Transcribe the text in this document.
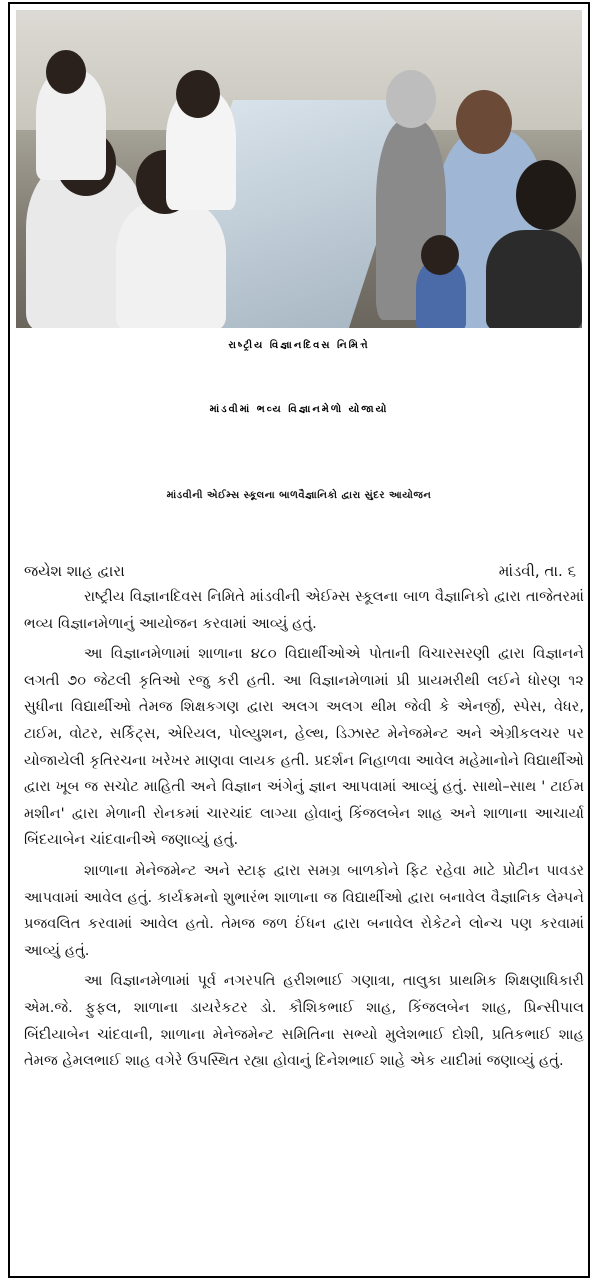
રાષ્ટ્રીય વિજ્ઞાનદિવસ નિમિત્તે
માંડવીમાં ભવ્ય વિજ્ઞાનમેળો યોજાયો
માંડવીની એઈમ્સ સ્કૂલના બાળવૈજ્ઞાનિકો દ્વારા સુંદર આયોજન
જયેશ શાહ દ્વારા	માંડવી, તા. ૬

રાષ્ટ્રીય વિજ્ઞાનદિવસ નિમિતે માંડવીની એઈમ્સ સ્કૂલના બાળ વૈજ્ઞાનિકો દ્વારા તાજેતરમાં ભવ્ય વિજ્ઞાનમેળાનું આયોજન કરવામાં આવ્યું હતું.

આ વિજ્ઞાનમેળામાં શાળાના ૪૮૦ વિદ્યાર્થીઓએ પોતાની વિચારસરણી દ્વારા વિજ્ઞાનને લગતી ૭૦ જેટલી કૃતિઓ રજુ કરી હતી. આ વિજ્ઞાનમેળામાં પ્રી પ્રાયમરીથી લઈને ધોરણ ૧૨ સુધીના વિદ્યાર્થીઓ તેમજ શિક્ષકગણ દ્વારા અલગ અલગ થીમ જેવી કે એનર્જી, સ્પેસ, વેધર, ટાઈમ, વોટર, સર્કિટ્સ, એરિયલ, પોલ્યુશન, હેલ્થ, ડિઝાસ્ટ મેનેજમેન્ટ અને એગ્રીકલચર પર યોજાયેલી કૃતિરચના ખરેખર માણવા લાયક હતી. પ્રદર્શન નિહાળવા આવેલ મહેમાનોને વિદ્યાર્થીઓ દ્વારા ખૂબ જ સચોટ માહિતી અને વિજ્ઞાન અંગેનું જ્ઞાન આપવામાં આવ્યું હતું. સાથો–સાથ ' ટાઈમ મશીન' દ્વારા મેળાની રોનકમાં ચારચાંદ લાગ્યા હોવાનું કિંજલબેન શાહ અને શાળાના આચાર્યા બિંદયાબેન ચાંદવાનીએ જણાવ્યું હતું.

શાળાના મેનેજમેન્ટ અને સ્ટાફ દ્વારા સમગ્ર બાળકોને ફિટ રહેવા માટે પ્રોટીન પાવડર આપવામાં આવેલ હતું. કાર્યક્રમનો શુભારંભ શાળાના જ વિદ્યાર્થીઓ દ્વારા બનાવેલ વૈજ્ઞાનિક લેમ્પને પ્રજવલિત કરવામાં આવેલ હતો. તેમજ જળ ઈંધન દ્વારા બનાવેલ રોકેટને લોન્ચ પણ કરવામાં આવ્યું હતું.

આ વિજ્ઞાનમેળામાં પૂર્વ નગરપતિ હરીશભાઈ ગણાત્રા, તાલુકા પ્રાથમિક શિક્ષણાધિકારી એમ.જે. ફુફલ, શાળાના ડાયરેકટર ડો. કૌશિકભાઈ શાહ, કિંજલબેન શાહ, પ્રિન્સીપાલ બિંદીયાબેન ચાંદવાની, શાળાના મેનેજમેન્ટ સમિતિના સભ્યો મુલેશભાઈ દોશી, પ્રતિકભાઈ શાહ તેમજ હેમલભાઈ શાહ વગેરે ઉપસ્થિત રહ્યા હોવાનું દિનેશભાઈ શાહે એક યાદીમાં જણાવ્યું હતું.
